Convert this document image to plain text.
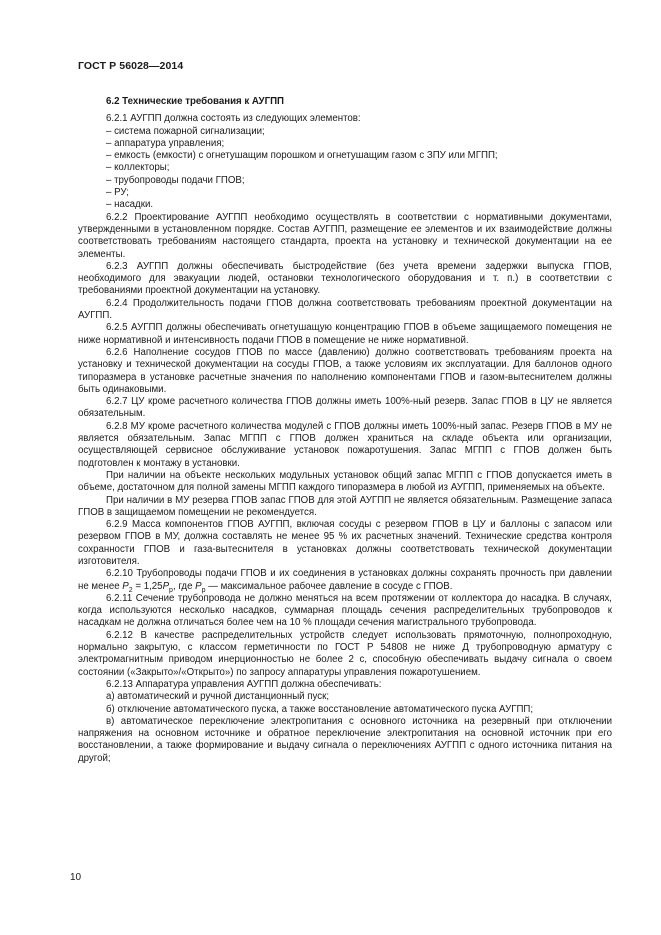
ГОСТ Р 56028—2014
6.2 Технические требования к АУГПП

6.2.1 АУГПП должна состоять из следующих элементов:

– система пожарной сигнализации;
– аппаратура управления;
– емкость (емкости) с огнетушащим порошком и огнетушащим газом с ЗПУ или МГПП;
– коллекторы;
– трубопроводы подачи ГПОВ;
– РУ;
– насадки.

6.2.2 Проектирование АУГПП необходимо осуществлять в соответствии с нормативными документами, утвержденными в установленном порядке. Состав АУГПП, размещение ее элементов и их взаимодействие должны соответствовать требованиям настоящего стандарта, проекта на установку и технической документации на ее элементы.

6.2.3 АУГПП должны обеспечивать быстродействие (без учета времени задержки выпуска ГПОВ, необходимого для эвакуации людей, остановки технологического оборудования и т. п.) в соответствии с требованиями проектной документации на установку.

6.2.4 Продолжительность подачи ГПОВ должна соответствовать требованиям проектной документации на АУГПП.

6.2.5 АУГПП должны обеспечивать огнетушащую концентрацию ГПОВ в объеме защищаемого помещения не ниже нормативной и интенсивность подачи ГПОВ в помещение не ниже нормативной.

6.2.6 Наполнение сосудов ГПОВ по массе (давлению) должно соответствовать требованиям проекта на установку и технической документации на сосуды ГПОВ, а также условиям их эксплуатации. Для баллонов одного типоразмера в установке расчетные значения по наполнению компонентами ГПОВ и газом-вытеснителем должны быть одинаковыми.

6.2.7 ЦУ кроме расчетного количества ГПОВ должны иметь 100%-ный резерв. Запас ГПОВ в ЦУ не является обязательным.

6.2.8 МУ кроме расчетного количества модулей с ГПОВ должны иметь 100%-ный запас. Резерв ГПОВ в МУ не является обязательным. Запас МГПП с ГПОВ должен храниться на складе объекта или организации, осуществляющей сервисное обслуживание установок пожаротушения. Запас МГПП с ГПОВ должен быть подготовлен к монтажу в установки.

При наличии на объекте нескольких модульных установок общий запас МГПП с ГПОВ допускается иметь в объеме, достаточном для полной замены МГПП каждого типоразмера в любой из АУГПП, применяемых на объекте.

При наличии в МУ резерва ГПОВ запас ГПОВ для этой АУГПП не является обязательным. Размещение запаса ГПОВ в защищаемом помещении не рекомендуется.

6.2.9 Масса компонентов ГПОВ АУГПП, включая сосуды с резервом ГПОВ в ЦУ и баллоны с запасом или резервом ГПОВ в МУ, должна составлять не менее 95 % их расчетных значений. Технические средства контроля сохранности ГПОВ и газа-вытеснителя в установках должны соответствовать технической документации изготовителя.

6.2.10 Трубопроводы подачи ГПОВ и их соединения в установках должны сохранять прочность при давлении не менее $P_2 = 1,25P_р$, где $P_р$ — максимальное рабочее давление в сосуде с ГПОВ.

6.2.11 Сечение трубопровода не должно меняться на всем протяжении от коллектора до насадка. В случаях, когда используются несколько насадков, суммарная площадь сечения распределительных трубопроводов к насадкам не должна отличаться более чем на 10 % площади сечения магистрального трубопровода.

6.2.12 В качестве распределительных устройств следует использовать прямоточную, полнопроходную, нормально закрытую, с классом герметичности по ГОСТ Р 54808 не ниже Д трубопроводную арматуру с электромагнитным приводом инерционностью не более 2 с, способную обеспечивать выдачу сигнала о своем состоянии («Закрыто»/«Открыто») по запросу аппаратуры управления пожаротушением.

6.2.13 Аппаратура управления АУГПП должна обеспечивать:

а) автоматический и ручной дистанционный пуск;

б) отключение автоматического пуска, а также восстановление автоматического пуска АУГПП;

в) автоматическое переключение электропитания с основного источника на резервный при отключении напряжения на основном источнике и обратное переключение электропитания на основной источник при его восстановлении, а также формирование и выдачу сигнала о переключениях АУГПП с одного источника питания на другой;

10
